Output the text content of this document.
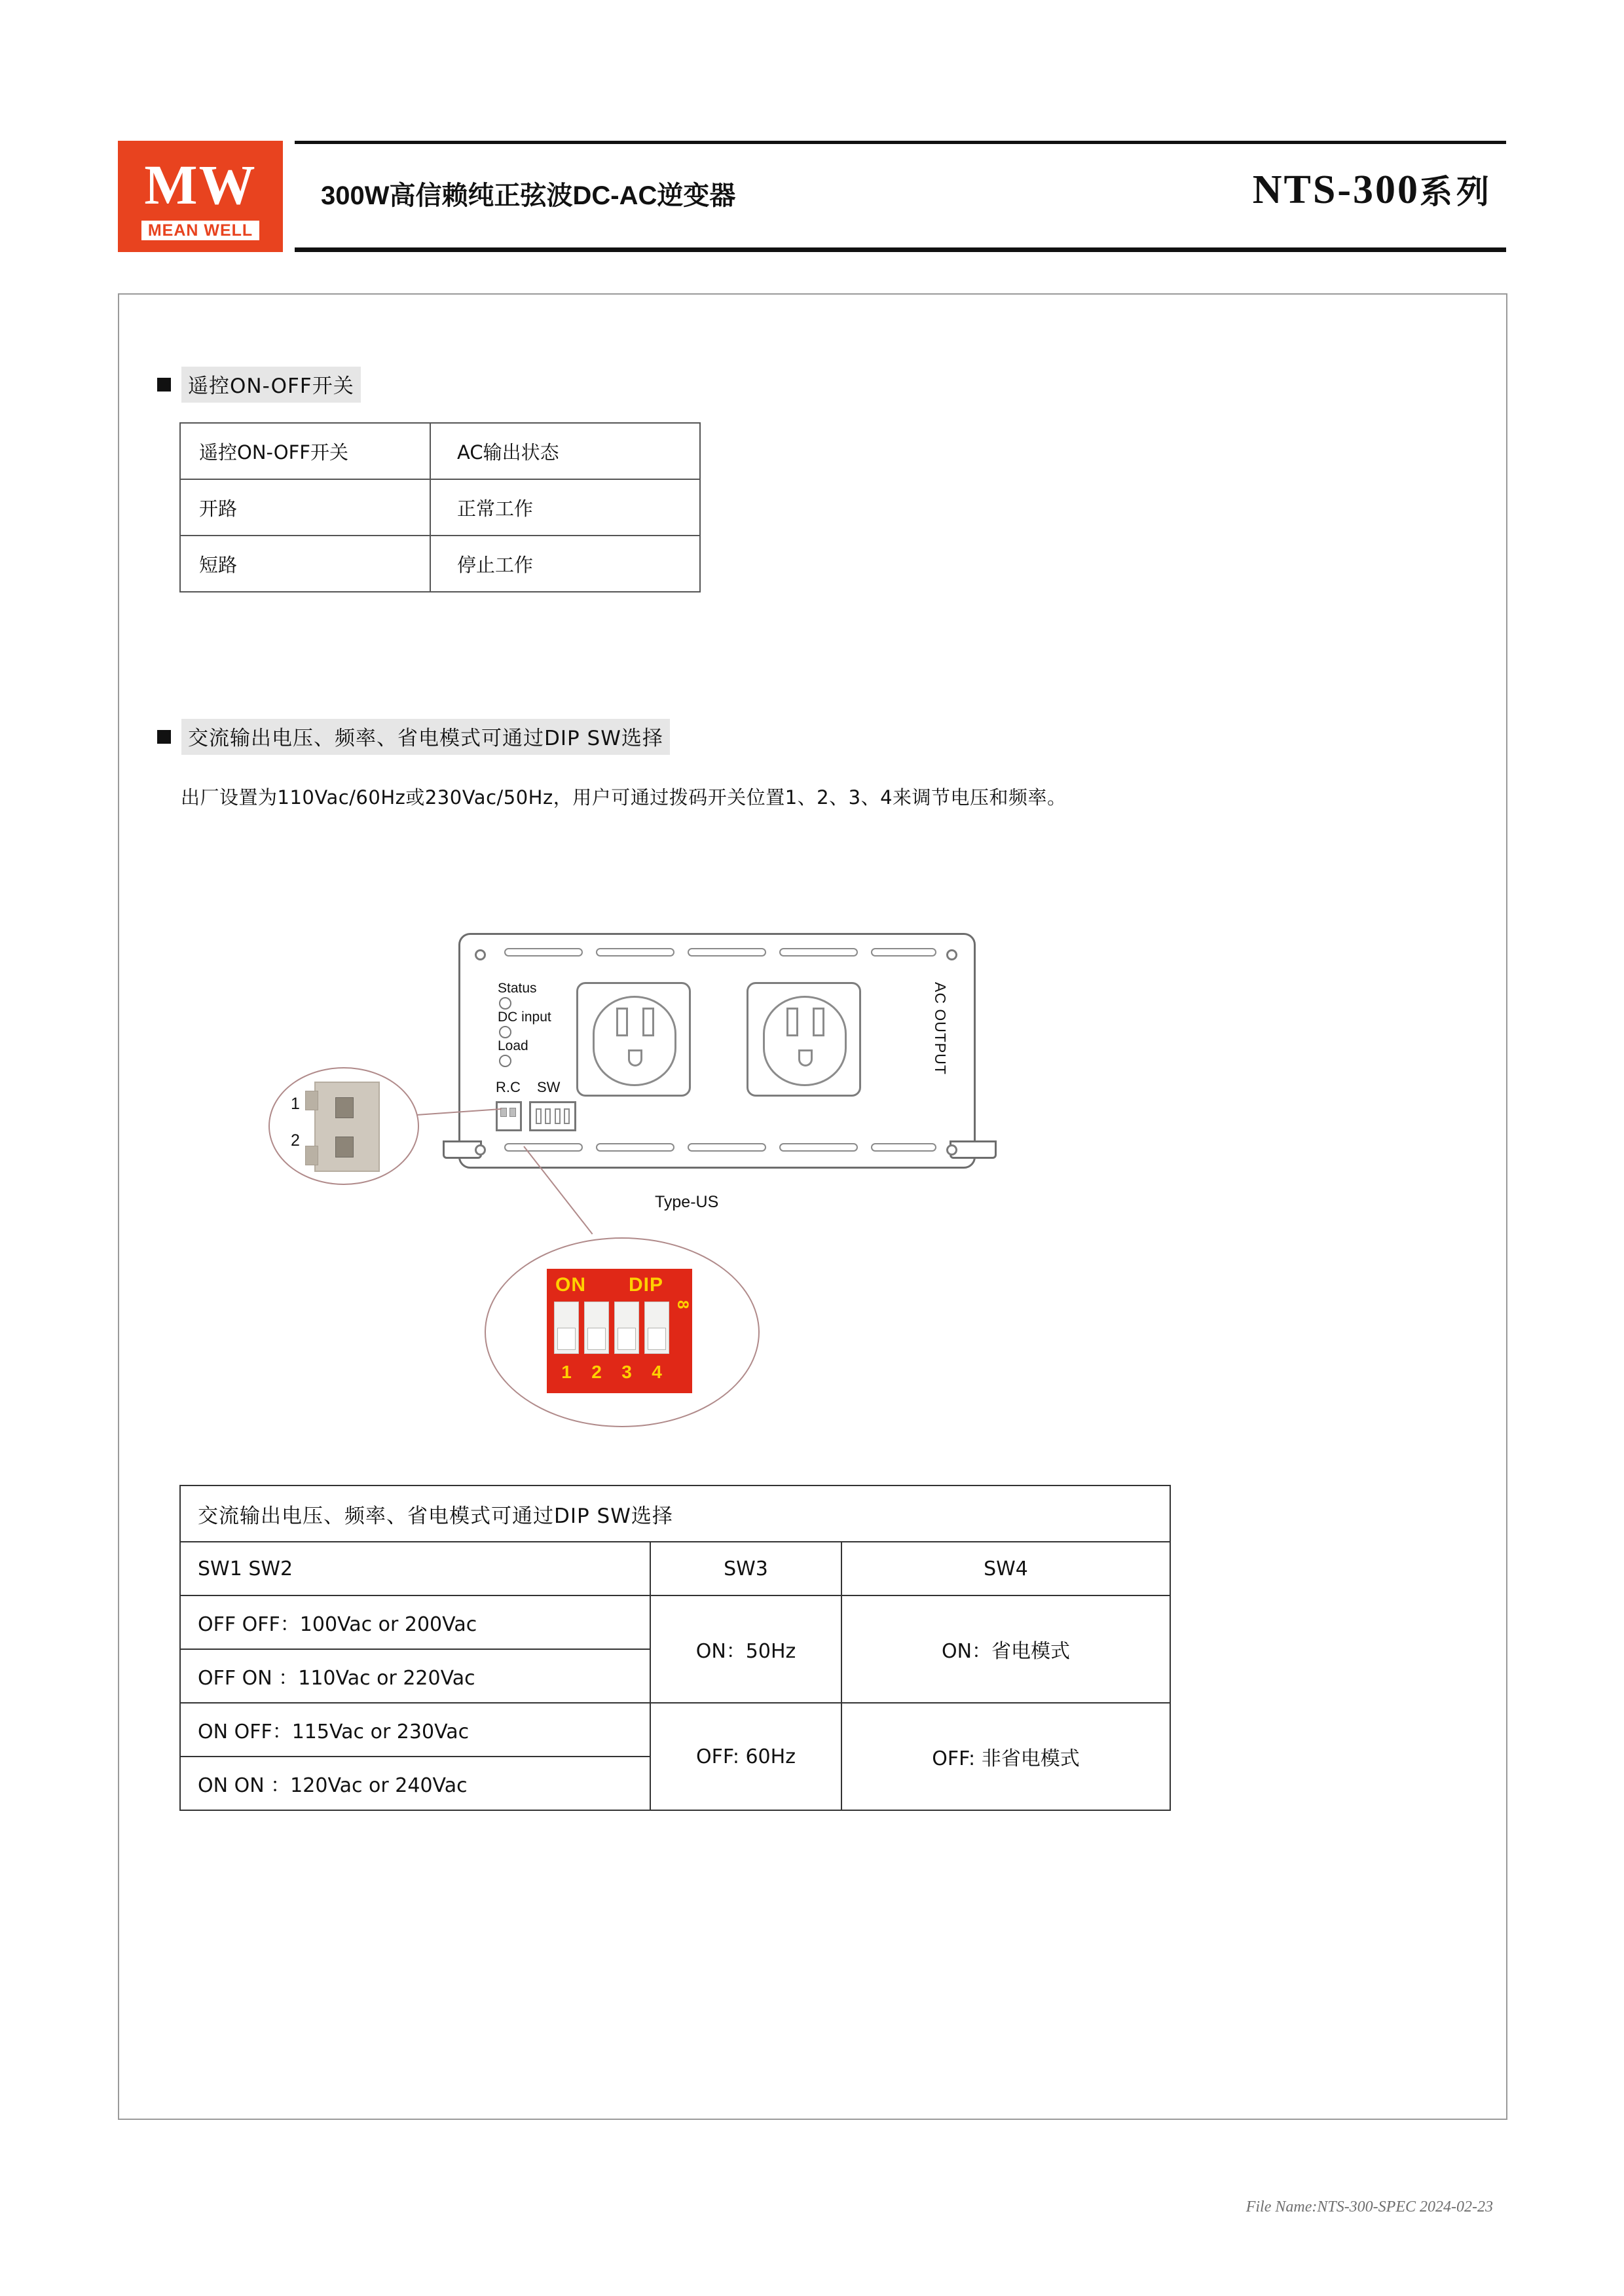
MW
MEAN WELL
300W高信赖纯正弦波DC-AC逆变器	NTS-300系列
遥控ON-OFF开关
遥控ON-OFF开关	AC输出状态
开路	正常工作
短路	停止工作
交流输出电压、频率、省电模式可通过DIP SW选择
出厂设置为110Vac/60Hz或230Vac/50Hz，用户可通过拨码开关位置1、2、3、4来调节电压和频率。
Status
DC input
Load
R.C SW
AC OUTPUT
Type-US
1
2
ON DIP
1	2	3	4
8
交流输出电压、频率、省电模式可通过DIP SW选择		
SW1 SW2	SW3	SW4
OFF OFF：100Vac or 200Vac	ON：50Hz	ON：省电模式
OFF ON ：110Vac or 220Vac		
ON OFF：115Vac or 230Vac	OFF: 60Hz	OFF: 非省电模式
ON ON ：120Vac or 240Vac		
File Name:NTS-300-SPEC 2024-02-23
